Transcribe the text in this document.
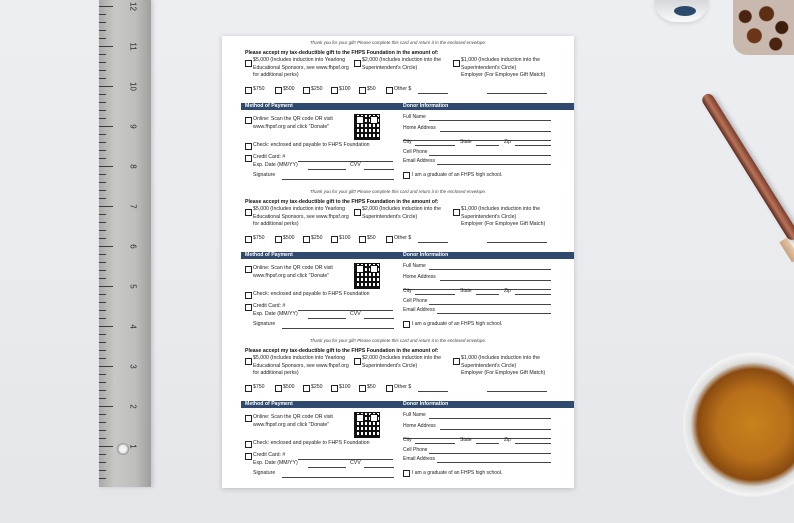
12
11
10
9
8
7
6
5
4
3
2
1
Thank you for your gift! Please complete this card and return it in the enclosed envelope.
Please accept my tax-deductible gift to the FHPS Foundation in the amount of:
$5,000 (Includes induction into Yearlong Educational Sponsors, see www.fhpsf.org for additional perks)
$2,000 (Includes induction into the Superintendent's Circle)
$1,000 (Includes induction into the Superintendent's Circle)
Employer (For Employee Gift Match)
$750	$500	$250	$100	$50	Other $
Method of Payment	Donor Information
Online: Scan the QR code OR visit www.fhpsf.org and click "Donate"
Check: enclosed and payable to FHPS Foundation
Credit Card: #
Exp. Date (MM/YY)	CVV
Signature
Full Name
Home Address
City	State	Zip
Cell Phone
Email Address
I am a graduate of an FHPS high school.
Thank you for your gift! Please complete this card and return it in the enclosed envelope.
Please accept my tax-deductible gift to the FHPS Foundation in the amount of:
$5,000 (Includes induction into Yearlong Educational Sponsors, see www.fhpsf.org for additional perks)
$2,000 (Includes induction into the Superintendent's Circle)
$1,000 (Includes induction into the Superintendent's Circle)
Employer (For Employee Gift Match)
$750	$500	$250	$100	$50	Other $
Method of Payment	Donor Information
Online: Scan the QR code OR visit www.fhpsf.org and click "Donate"
Check: enclosed and payable to FHPS Foundation
Credit Card: #
Exp. Date (MM/YY)	CVV
Signature
Full Name
Home Address
City	State	Zip
Cell Phone
Email Address
I am a graduate of an FHPS high school.
Thank you for your gift! Please complete this card and return it in the enclosed envelope.
Please accept my tax-deductible gift to the FHPS Foundation in the amount of:
$5,000 (Includes induction into Yearlong Educational Sponsors, see www.fhpsf.org for additional perks)
$2,000 (Includes induction into the Superintendent's Circle)
$1,000 (Includes induction into the Superintendent's Circle)
Employer (For Employee Gift Match)
$750	$500	$250	$100	$50	Other $
Method of Payment	Donor Information
Online: Scan the QR code OR visit www.fhpsf.org and click "Donate"
Check: enclosed and payable to FHPS Foundation
Credit Card: #
Exp. Date (MM/YY)	CVV
Signature
Full Name
Home Address
City	State	Zip
Cell Phone
Email Address
I am a graduate of an FHPS high school.
